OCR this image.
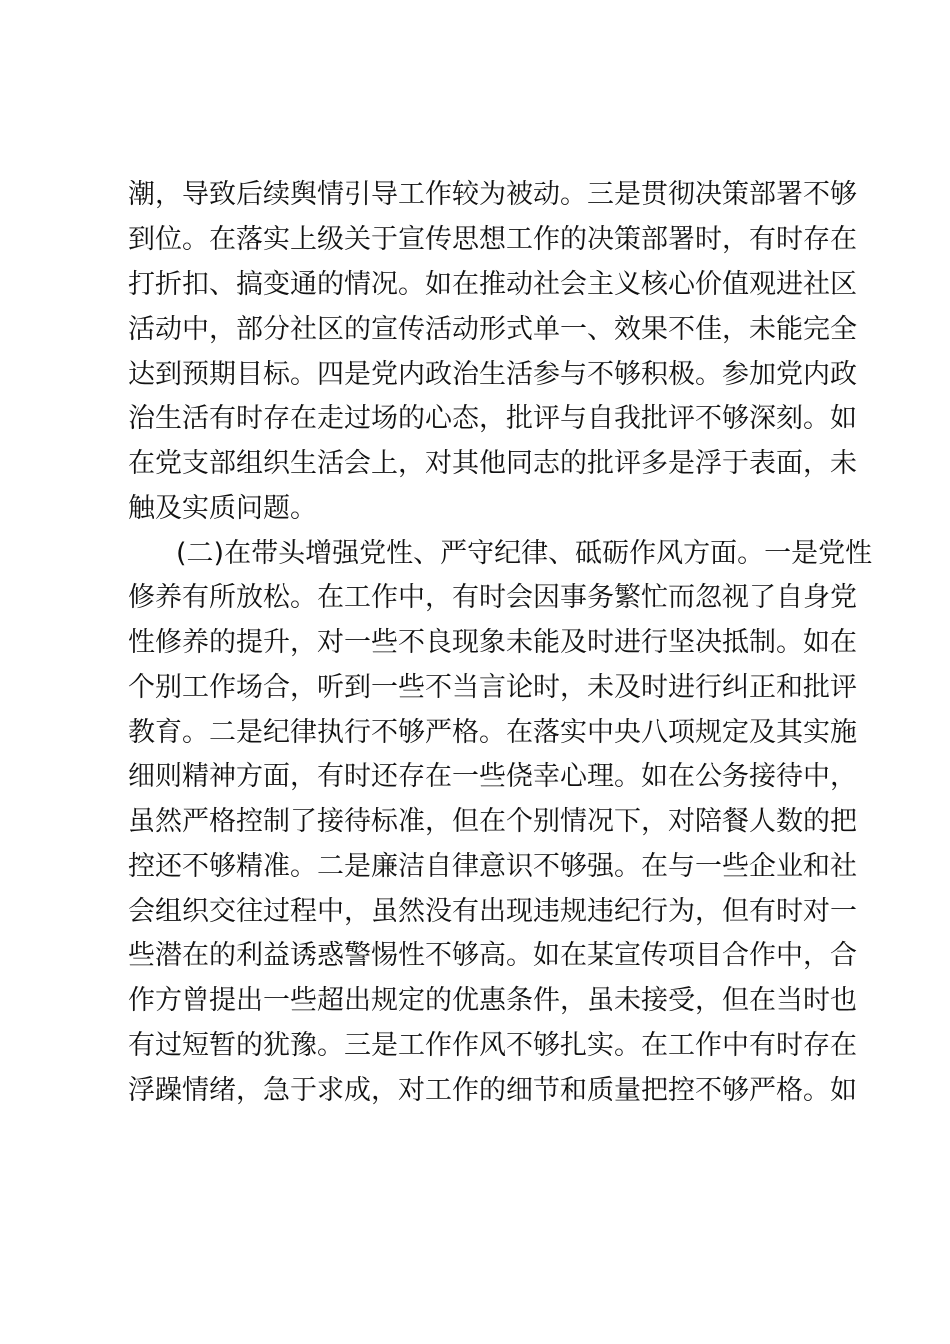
潮，导致后续舆情引导工作较为被动。三是贯彻决策部署不够
到位。在落实上级关于宣传思想工作的决策部署时，有时存在
打折扣、搞变通的情况。如在推动社会主义核心价值观进社区
活动中，部分社区的宣传活动形式单一、效果不佳，未能完全
达到预期目标。四是党内政治生活参与不够积极。参加党内政
治生活有时存在走过场的心态，批评与自我批评不够深刻。如
在党支部组织生活会上，对其他同志的批评多是浮于表面，未
触及实质问题。
(二)在带头增强党性、严守纪律、砥砺作风方面。一是党性
修养有所放松。在工作中，有时会因事务繁忙而忽视了自身党
性修养的提升，对一些不良现象未能及时进行坚决抵制。如在
个别工作场合，听到一些不当言论时，未及时进行纠正和批评
教育。二是纪律执行不够严格。在落实中央八项规定及其实施
细则精神方面，有时还存在一些侥幸心理。如在公务接待中，
虽然严格控制了接待标准，但在个别情况下，对陪餐人数的把
控还不够精准。二是廉洁自律意识不够强。在与一些企业和社
会组织交往过程中，虽然没有出现违规违纪行为，但有时对一
些潜在的利益诱惑警惕性不够高。如在某宣传项目合作中，合
作方曾提出一些超出规定的优惠条件，虽未接受，但在当时也
有过短暂的犹豫。三是工作作风不够扎实。在工作中有时存在
浮躁情绪，急于求成，对工作的细节和质量把控不够严格。如
